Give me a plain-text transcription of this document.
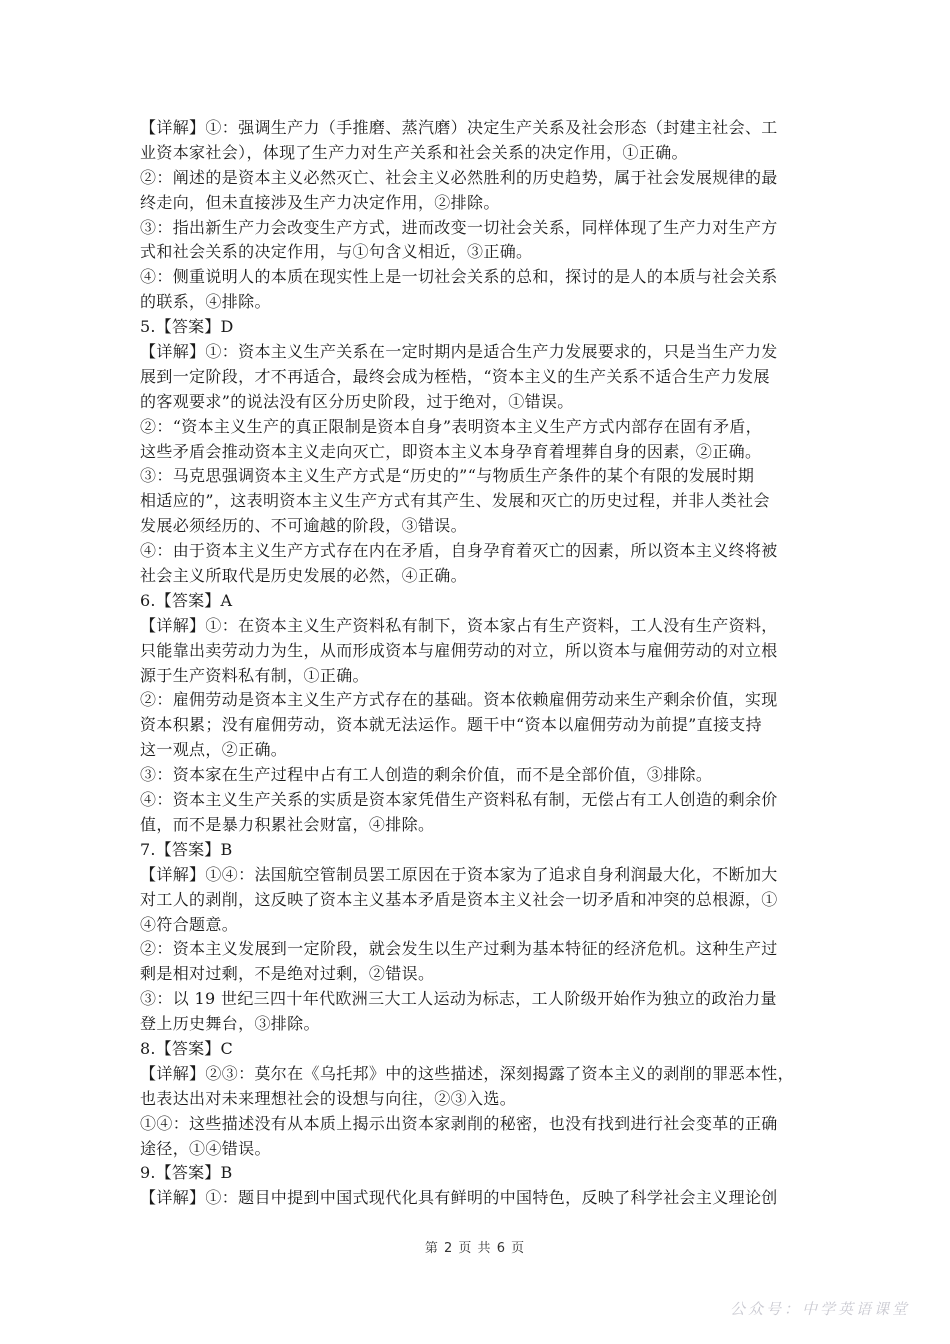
【详解】①：强调生产力（手推磨、蒸汽磨）决定生产关系及社会形态（封建主社会、工
业资本家社会），体现了生产力对生产关系和社会关系的决定作用，①正确。
②：阐述的是资本主义必然灭亡、社会主义必然胜利的历史趋势，属于社会发展规律的最
终走向，但未直接涉及生产力决定作用，②排除。
③：指出新生产力会改变生产方式，进而改变一切社会关系，同样体现了生产力对生产方
式和社会关系的决定作用，与①句含义相近，③正确。
④：侧重说明人的本质在现实性上是一切社会关系的总和，探讨的是人的本质与社会关系
的联系，④排除。
5.【答案】D
【详解】①：资本主义生产关系在一定时期内是适合生产力发展要求的，只是当生产力发
展到一定阶段，才不再适合，最终会成为桎梏，“资本主义的生产关系不适合生产力发展
的客观要求”的说法没有区分历史阶段，过于绝对，①错误。
②：“资本主义生产的真正限制是资本自身”表明资本主义生产方式内部存在固有矛盾，
这些矛盾会推动资本主义走向灭亡，即资本主义本身孕育着埋葬自身的因素，②正确。
③：马克思强调资本主义生产方式是“历史的”“与物质生产条件的某个有限的发展时期
相适应的”，这表明资本主义生产方式有其产生、发展和灭亡的历史过程，并非人类社会
发展必须经历的、不可逾越的阶段，③错误。
④：由于资本主义生产方式存在内在矛盾，自身孕育着灭亡的因素，所以资本主义终将被
社会主义所取代是历史发展的必然，④正确。
6.【答案】A
【详解】①：在资本主义生产资料私有制下，资本家占有生产资料，工人没有生产资料，
只能靠出卖劳动力为生，从而形成资本与雇佣劳动的对立，所以资本与雇佣劳动的对立根
源于生产资料私有制，①正确。
②：雇佣劳动是资本主义生产方式存在的基础。资本依赖雇佣劳动来生产剩余价值，实现
资本积累；没有雇佣劳动，资本就无法运作。题干中“资本以雇佣劳动为前提”直接支持
这一观点，②正确。
③：资本家在生产过程中占有工人创造的剩余价值，而不是全部价值，③排除。
④：资本主义生产关系的实质是资本家凭借生产资料私有制，无偿占有工人创造的剩余价
值，而不是暴力积累社会财富，④排除。
7.【答案】B
【详解】①④：法国航空管制员罢工原因在于资本家为了追求自身利润最大化，不断加大
对工人的剥削，这反映了资本主义基本矛盾是资本主义社会一切矛盾和冲突的总根源，①
④符合题意。
②：资本主义发展到一定阶段，就会发生以生产过剩为基本特征的经济危机。这种生产过
剩是相对过剩，不是绝对过剩，②错误。
③：以 19 世纪三四十年代欧洲三大工人运动为标志，工人阶级开始作为独立的政治力量
登上历史舞台，③排除。
8.【答案】C
【详解】②③：莫尔在《乌托邦》中的这些描述，深刻揭露了资本主义的剥削的罪恶本性，
也表达出对未来理想社会的设想与向往，②③入选。
①④：这些描述没有从本质上揭示出资本家剥削的秘密，也没有找到进行社会变革的正确
途径，①④错误。
9.【答案】B
【详解】①：题目中提到中国式现代化具有鲜明的中国特色，反映了科学社会主义理论创
第 2 页 共 6 页
公众号：中学英语课堂
